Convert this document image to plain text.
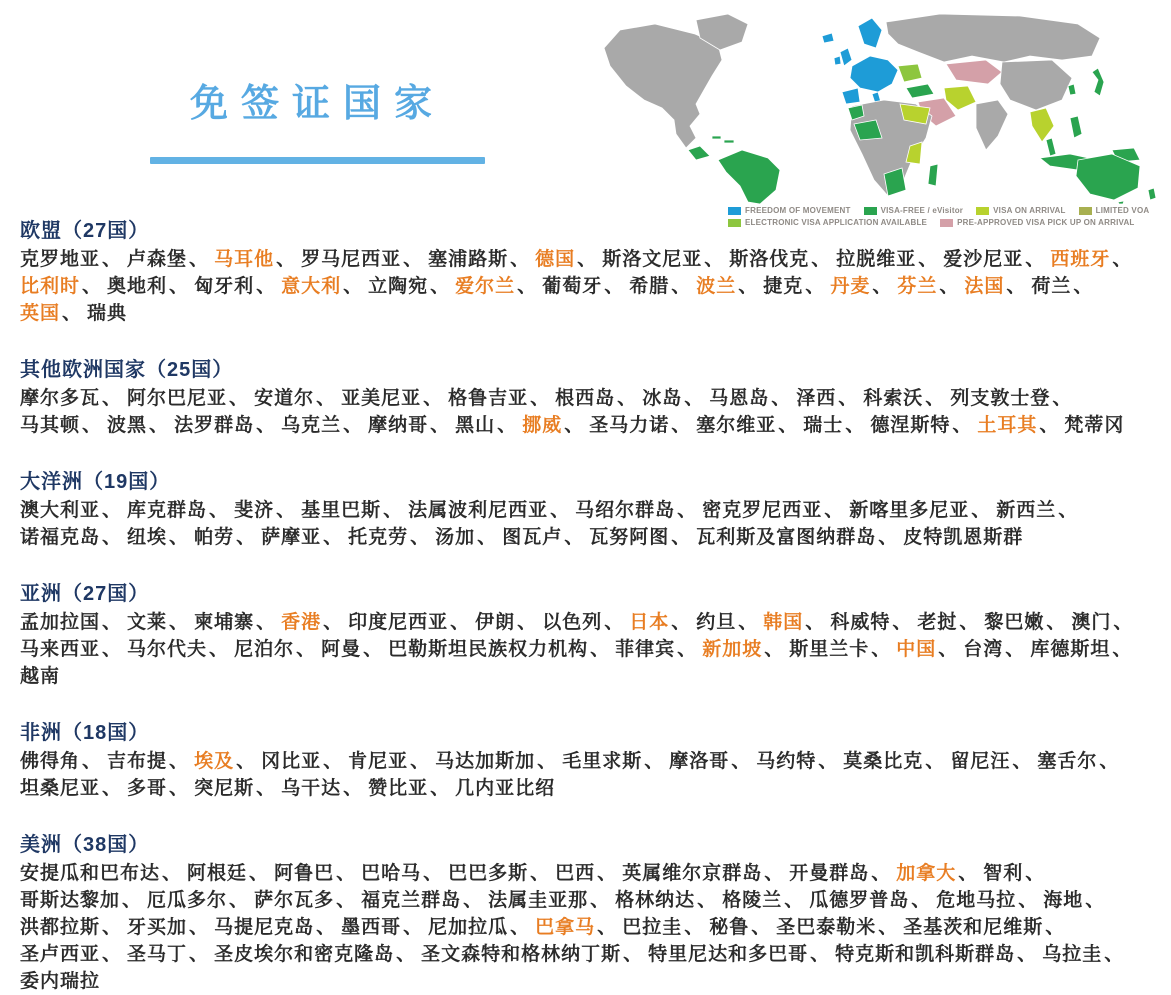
免签证国家
FREEDOM OF MOVEMENT	VISA-FREE / eVisitor	VISA ON ARRIVAL	LIMITED VOA
ELECTRONIC VISA APPLICATION AVAILABLE	PRE-APPROVED VISA PICK UP ON ARRIVAL
欧盟（27国）

克罗地亚 、 卢森堡 、 马耳他 、 罗马尼西亚 、 塞浦路斯 、 德国 、 斯洛文尼亚 、 斯洛伐克 、 拉脱维亚 、 爱沙尼亚 、 西班牙 、比利时 、 奥地利 、 匈牙利 、 意大利 、 立陶宛 、 爱尔兰 、 葡萄牙 、 希腊 、 波兰 、 捷克 、 丹麦 、 芬兰 、 法国 、 荷兰 、英国 、 瑞典

其他欧洲国家（25国）

摩尔多瓦 、 阿尔巴尼亚 、 安道尔 、 亚美尼亚 、 格鲁吉亚 、 根西岛 、 冰岛 、 马恩岛 、 泽西 、 科索沃 、 列支敦士登 、马其顿 、 波黑 、 法罗群岛 、 乌克兰 、 摩纳哥 、 黑山 、 挪威 、 圣马力诺 、 塞尔维亚 、 瑞士 、 德涅斯特 、 土耳其 、 梵蒂冈

大洋洲（19国）

澳大利亚 、 库克群岛 、 斐济 、 基里巴斯 、 法属波利尼西亚 、 马绍尔群岛 、 密克罗尼西亚 、 新喀里多尼亚 、 新西兰 、诺福克岛 、 纽埃 、 帕劳 、 萨摩亚 、 托克劳 、 汤加 、 图瓦卢 、 瓦努阿图 、 瓦利斯及富图纳群岛 、 皮特凯恩斯群

亚洲（27国）

孟加拉国 、 文莱 、 柬埔寨 、 香港 、 印度尼西亚 、 伊朗 、 以色列 、 日本 、 约旦 、 韩国 、 科威特 、 老挝 、 黎巴嫩 、 澳门 、马来西亚 、 马尔代夫 、 尼泊尔 、 阿曼 、 巴勒斯坦民族权力机构 、 菲律宾 、 新加坡 、 斯里兰卡 、 中国 、 台湾 、 库德斯坦 、越南

非洲（18国）

佛得角 、 吉布提 、 埃及 、 冈比亚 、 肯尼亚 、 马达加斯加 、 毛里求斯 、 摩洛哥 、 马约特 、 莫桑比克 、 留尼汪 、 塞舌尔 、坦桑尼亚 、 多哥 、 突尼斯 、 乌干达 、 赞比亚 、 几内亚比绍

美洲（38国）

安提瓜和巴布达 、 阿根廷 、 阿鲁巴 、 巴哈马 、 巴巴多斯 、 巴西 、 英属维尔京群岛 、 开曼群岛 、 加拿大 、 智利 、哥斯达黎加 、 厄瓜多尔 、 萨尔瓦多 、 福克兰群岛 、 法属圭亚那 、 格林纳达 、 格陵兰 、 瓜德罗普岛 、 危地马拉 、 海地 、洪都拉斯 、 牙买加 、 马提尼克岛 、 墨西哥 、 尼加拉瓜 、 巴拿马 、 巴拉圭 、 秘鲁 、 圣巴泰勒米 、 圣基茨和尼维斯 、圣卢西亚 、 圣马丁 、 圣皮埃尔和密克隆岛 、 圣文森特和格林纳丁斯 、 特里尼达和多巴哥 、 特克斯和凯科斯群岛 、 乌拉圭 、委内瑞拉
